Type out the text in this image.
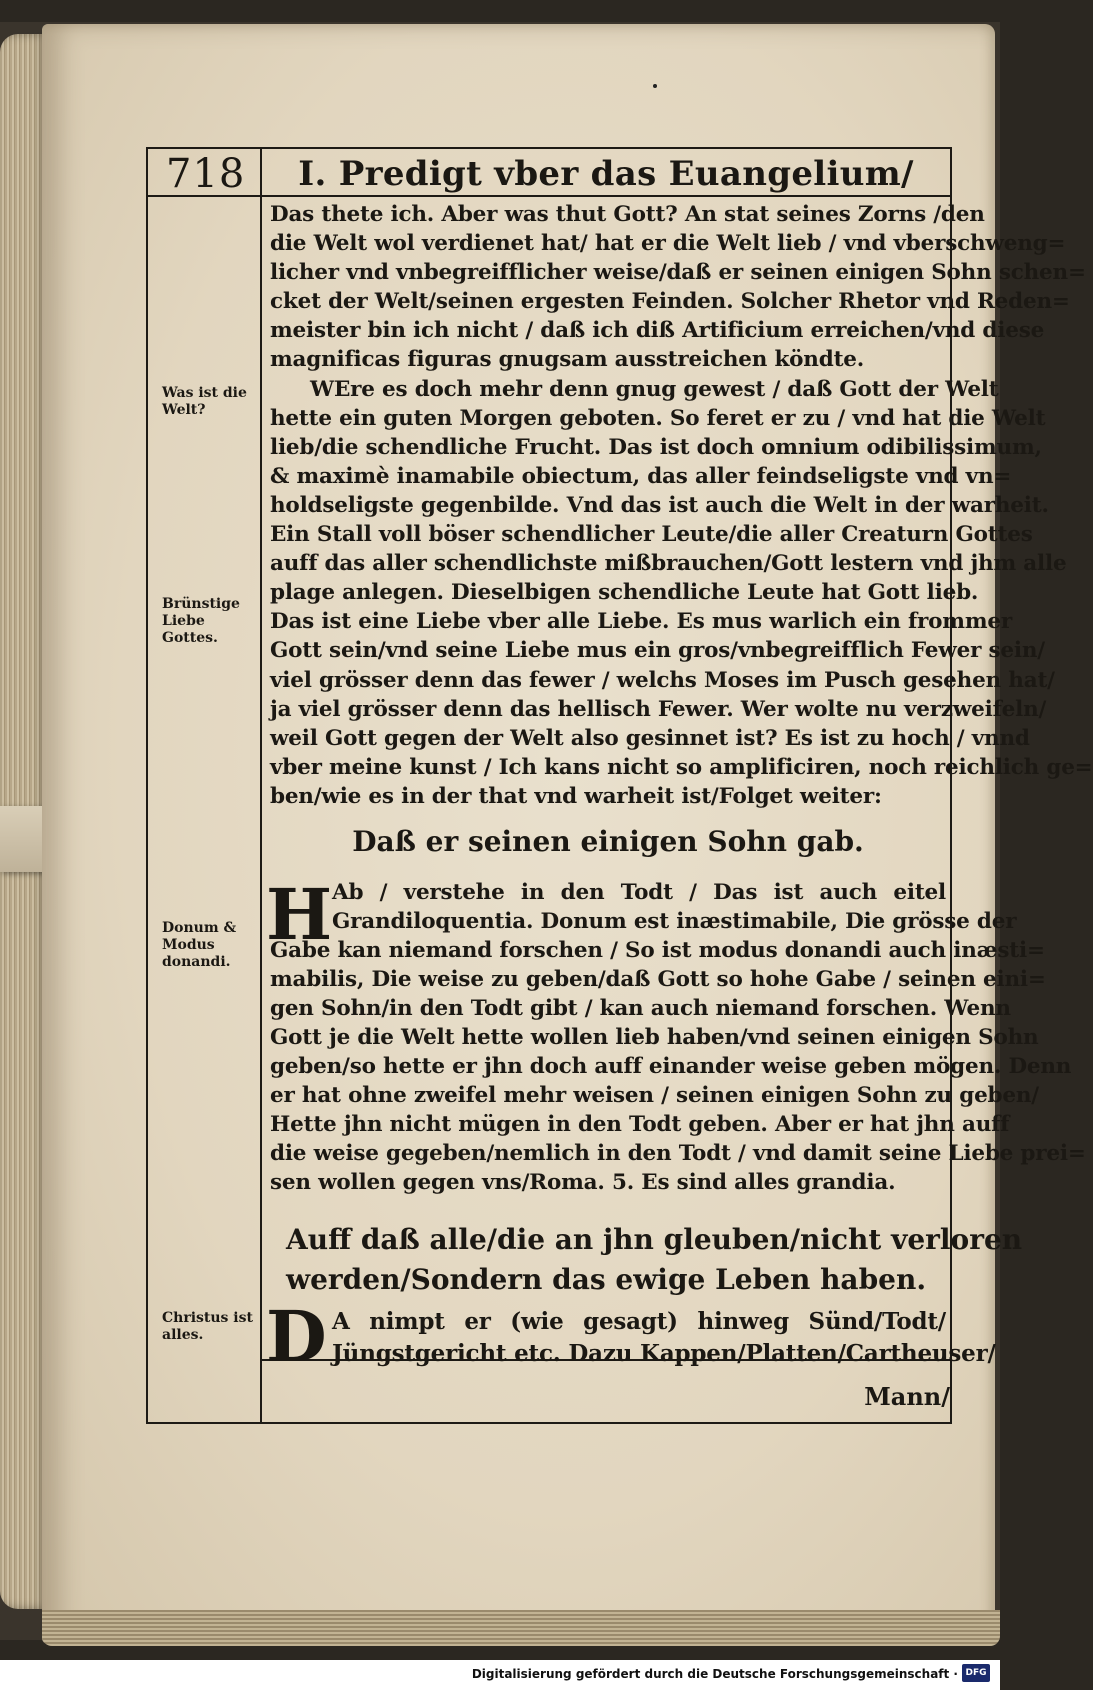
718	I. Predigt vber das Euangelium/
Was ist die Welt?
Brünstige Liebe Gottes.
Donum & Modus donandi.
Christus ist alles.
Das thete ich. Aber was thut Gott? An stat seines Zorns /den
die Welt wol verdienet hat/ hat er die Welt lieb / vnd vberschweng=
licher vnd vnbegreifflicher weise/daß er seinen einigen Sohn schen=
cket der Welt/seinen ergesten Feinden. Solcher Rhetor vnd Reden=
meister bin ich nicht / daß ich diß Artificium erreichen/vnd diese
magnificas figuras gnugsam ausstreichen köndte.
WEre es doch mehr denn gnug gewest / daß Gott der Welt
hette ein guten Morgen geboten. So feret er zu / vnd hat die Welt
lieb/die schendliche Frucht. Das ist doch omnium odibilissimum,
& maximè inamabile obiectum, das aller feindseligste vnd vn=
holdseligste gegenbilde. Vnd das ist auch die Welt in der warheit.
Ein Stall voll böser schendlicher Leute/die aller Creaturn Gottes
auff das aller schendlichste mißbrauchen/Gott lestern vnd jhm alle
plage anlegen. Dieselbigen schendliche Leute hat Gott lieb.
Das ist eine Liebe vber alle Liebe. Es mus warlich ein frommer
Gott sein/vnd seine Liebe mus ein gros/vnbegreifflich Fewer sein/
viel grösser denn das fewer / welchs Moses im Pusch gesehen hat/
ja viel grösser denn das hellisch Fewer. Wer wolte nu verzweifeln/
weil Gott gegen der Welt also gesinnet ist? Es ist zu hoch / vnnd
vber meine kunst / Ich kans nicht so amplificiren, noch reichlich ge=
ben/wie es in der that vnd warheit ist/Folget weiter:
Daß er seinen einigen Sohn gab.
H Ab / verstehe in den Todt / Das ist auch eitel
Grandiloquentia. Donum est inæstimabile, Die grösse der
Gabe kan niemand forschen / So ist modus donandi auch inæsti=
mabilis, Die weise zu geben/daß Gott so hohe Gabe / seinen eini=
gen Sohn/in den Todt gibt / kan auch niemand forschen. Wenn
Gott je die Welt hette wollen lieb haben/vnd seinen einigen Sohn
geben/so hette er jhn doch auff einander weise geben mögen. Denn
er hat ohne zweifel mehr weisen / seinen einigen Sohn zu geben/
Hette jhn nicht mügen in den Todt geben. Aber er hat jhn auff
die weise gegeben/nemlich in den Todt / vnd damit seine Liebe prei=
sen wollen gegen vns/Roma. 5. Es sind alles grandia.
Auff daß alle/die an jhn gleuben/nicht verloren
werden/Sondern das ewige Leben haben.
D A nimpt er (wie gesagt) hinweg Sünd/Todt/
Jüngstgericht etc. Dazu Kappen/Platten/Cartheuser/
Mann/
Digitalisierung gefördert durch die Deutsche Forschungsgemeinschaft · DFG
